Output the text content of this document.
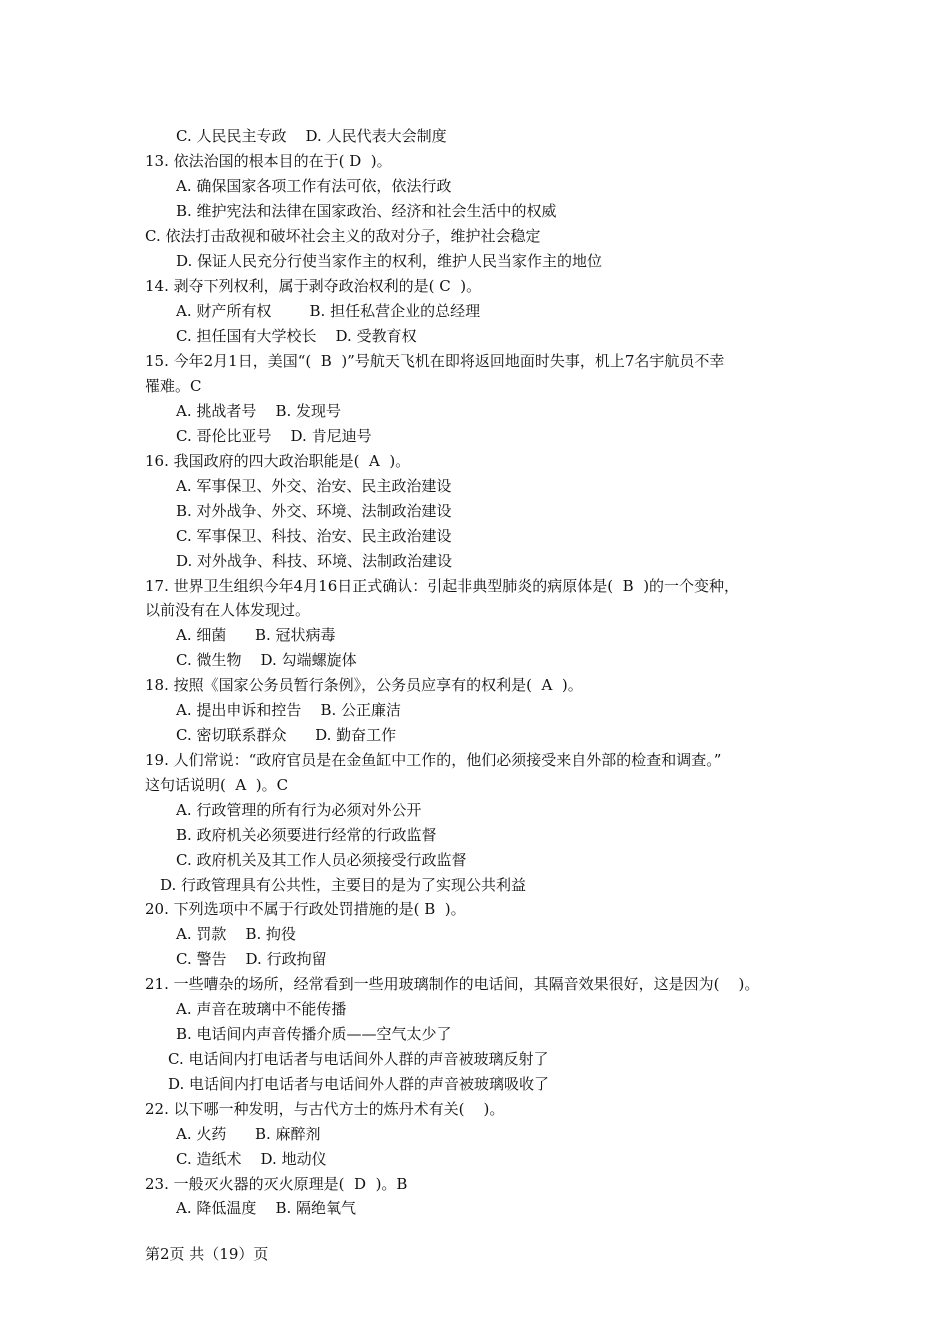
C. 人民民主专政    D. 人民代表大会制度
13. 依法治国的根本目的在于( D  )。
A. 确保国家各项工作有法可依，依法行政
B. 维护宪法和法律在国家政治、经济和社会生活中的权威
C. 依法打击敌视和破坏社会主义的敌对分子，维护社会稳定
D. 保证人民充分行使当家作主的权利，维护人民当家作主的地位
14. 剥夺下列权利，属于剥夺政治权利的是( C  )。
A. 财产所有权        B. 担任私营企业的总经理
C. 担任国有大学校长    D. 受教育权
15. 今年2月1日，美国“(  B  )”号航天飞机在即将返回地面时失事，机上7名宇航员不幸
罹难。C
A. 挑战者号    B. 发现号
C. 哥伦比亚号    D. 肯尼迪号
16. 我国政府的四大政治职能是(  A  )。
A. 军事保卫、外交、治安、民主政治建设
B. 对外战争、外交、环境、法制政治建设
C. 军事保卫、科技、治安、民主政治建设
D. 对外战争、科技、环境、法制政治建设
17. 世界卫生组织今年4月16日正式确认：引起非典型肺炎的病原体是(  B  )的一个变种，
以前没有在人体发现过。
A. 细菌      B. 冠状病毒
C. 微生物    D. 勾端螺旋体
18. 按照《国家公务员暂行条例》，公务员应享有的权利是(  A  )。
A. 提出申诉和控告    B. 公正廉洁
C. 密切联系群众      D. 勤奋工作
19. 人们常说：“政府官员是在金鱼缸中工作的，他们必须接受来自外部的检查和调查。”
这句话说明(  A  )。C
A. 行政管理的所有行为必须对外公开
B. 政府机关必须要进行经常的行政监督
C. 政府机关及其工作人员必须接受行政监督
D. 行政管理具有公共性，主要目的是为了实现公共利益
20. 下列选项中不属于行政处罚措施的是( B  )。
A. 罚款    B. 拘役
C. 警告    D. 行政拘留
21. 一些嘈杂的场所，经常看到一些用玻璃制作的电话间，其隔音效果很好，这是因为(    )。
A. 声音在玻璃中不能传播
B. 电话间内声音传播介质——空气太少了
C. 电话间内打电话者与电话间外人群的声音被玻璃反射了
D. 电话间内打电话者与电话间外人群的声音被玻璃吸收了
22. 以下哪一种发明，与古代方士的炼丹术有关(    )。
A. 火药      B. 麻醉剂
C. 造纸术    D. 地动仪
23. 一般灭火器的灭火原理是(  D  )。B
A. 降低温度    B. 隔绝氧气
第2页 共（19）页
